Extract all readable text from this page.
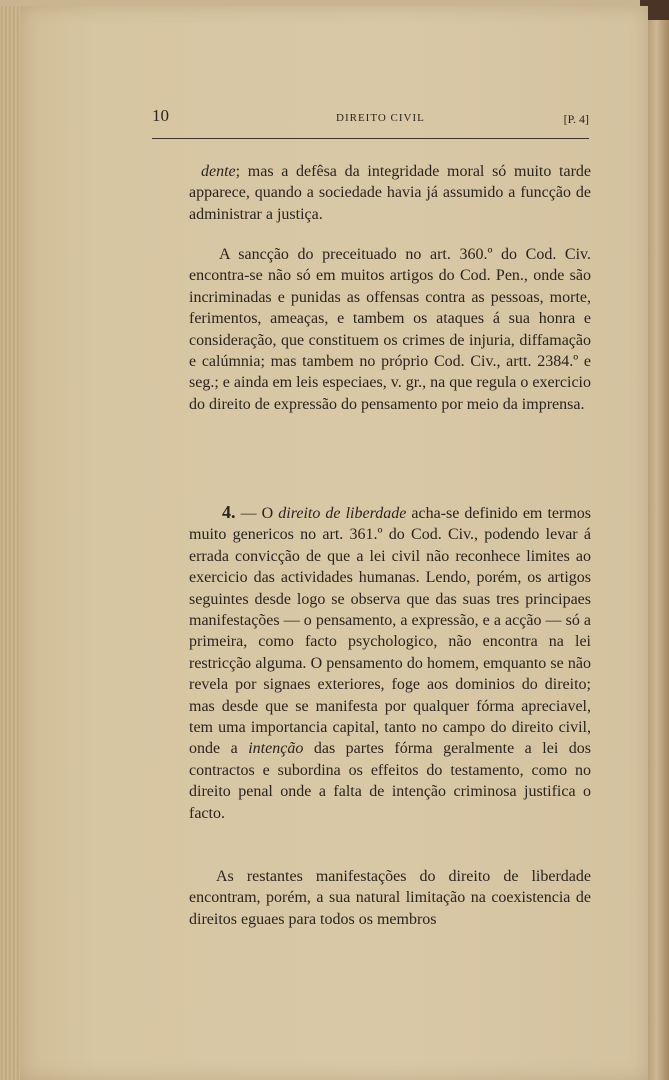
10	DIREITO CIVIL	[P. 4]
dente; mas a defêsa da integridade moral só muito tarde apparece, quando a sociedade havia já assumido a funcção de administrar a justiça.
A sancção do preceituado no art. 360.º do Cod. Civ. encontra-se não só em muitos artigos do Cod. Pen., onde são incriminadas e punidas as offensas contra as pessoas, morte, ferimentos, ameaças, e tambem os ataques á sua honra e consideração, que constituem os crimes de injuria, diffamação e calúmnia; mas tambem no próprio Cod. Civ., artt. 2384.º e seg.; e ainda em leis especiaes, v. gr., na que regula o exercicio do direito de expressão do pensamento por meio da imprensa.
4. — O direito de liberdade acha-se definido em termos muito genericos no art. 361.º do Cod. Civ., podendo levar á errada convicção de que a lei civil não reconhece limites ao exercicio das actividades humanas. Lendo, porém, os artigos seguintes desde logo se observa que das suas tres principaes manifestações — o pensamento, a expressão, e a acção — só a primeira, como facto psychologico, não encontra na lei restricção alguma. O pensamento do homem, emquanto se não revela por signaes exteriores, foge aos dominios do direito; mas desde que se manifesta por qualquer fórma apreciavel, tem uma importancia capital, tanto no campo do direito civil, onde a intenção das partes fórma geralmente a lei dos contractos e subordina os effeitos do testamento, como no direito penal onde a falta de intenção criminosa justifica o facto.
As restantes manifestações do direito de liberdade encontram, porém, a sua natural limitação na coexistencia de direitos eguaes para todos os membros
